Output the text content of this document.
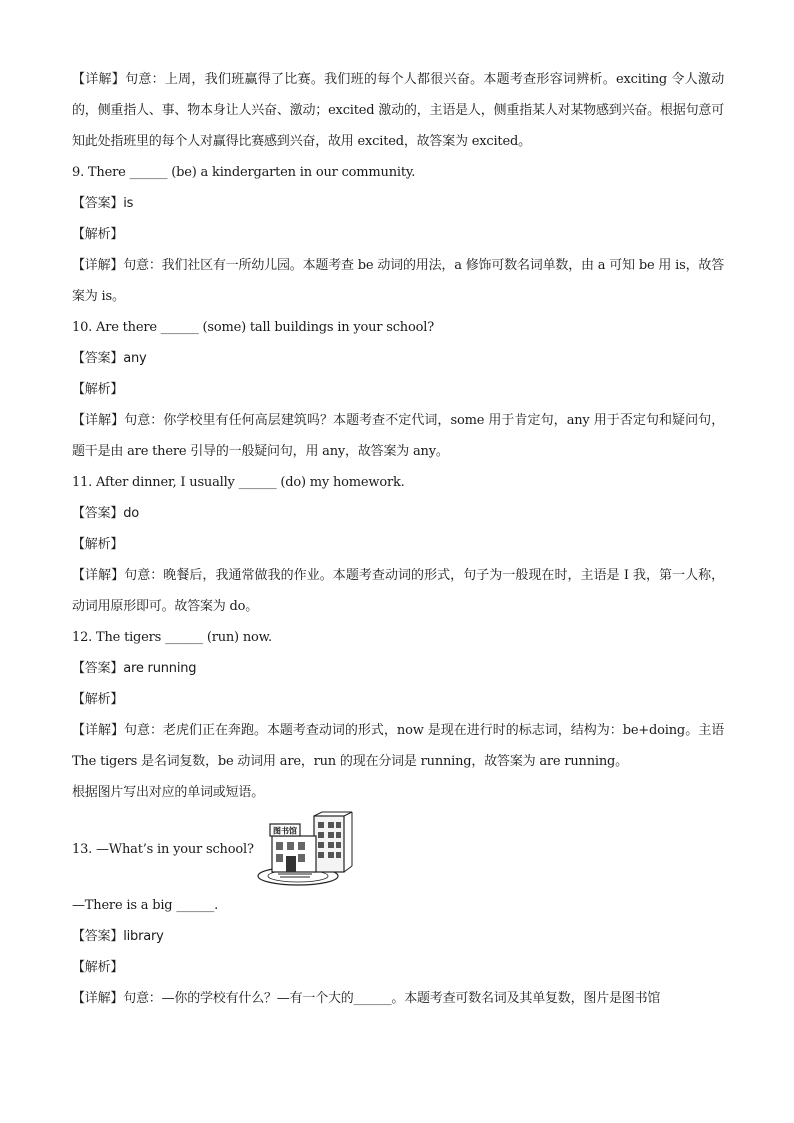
【详解】句意：上周，我们班赢得了比赛。我们班的每个人都很兴奋。本题考查形容词辨析。exciting 令人激动的，侧重指人、事、物本身让人兴奋、激动；excited 激动的，主语是人，侧重指某人对某物感到兴奋。根据句意可知此处指班里的每个人对赢得比赛感到兴奋，故用 excited，故答案为 excited。
9. There ______ (be) a kindergarten in our community.
【答案】is
【解析】
【详解】句意：我们社区有一所幼儿园。本题考查 be 动词的用法，a 修饰可数名词单数，由 a 可知 be 用 is，故答案为 is。
10. Are there ______ (some) tall buildings in your school?
【答案】any
【解析】
【详解】句意：你学校里有任何高层建筑吗？本题考查不定代词，some 用于肯定句，any 用于否定句和疑问句，题干是由 are there 引导的一般疑问句，用 any，故答案为 any。
11. After dinner, I usually ______ (do) my homework.
【答案】do
【解析】
【详解】句意：晚餐后，我通常做我的作业。本题考查动词的形式，句子为一般现在时，主语是 I 我，第一人称，动词用原形即可。故答案为 do。
12. The tigers ______ (run) now.
【答案】are running
【解析】
【详解】句意：老虎们正在奔跑。本题考查动词的形式，now 是现在进行时的标志词，结构为：be+doing。主语 The tigers 是名词复数，be 动词用 are，run 的现在分词是 running，故答案为 are running。
根据图片写出对应的单词或短语。
13. —What’s in your school?
图书馆
—There is a big ______.
【答案】library
【解析】
【详解】句意：—你的学校有什么？—有一个大的______。本题考查可数名词及其单复数，图片是图书馆
